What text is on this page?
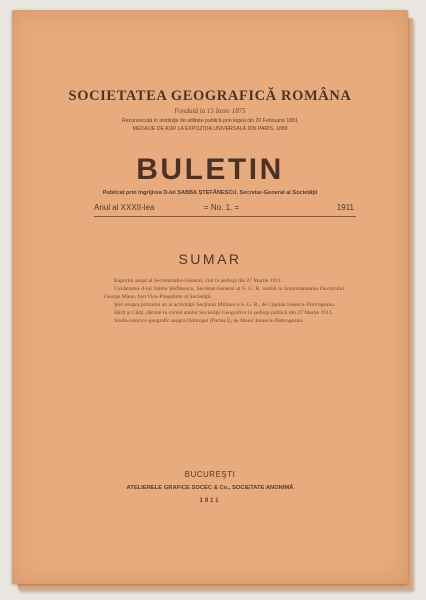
SOCIETATEA GEOGRAFICĂ ROMÂNA
Fondată la 15 Iunie 1875
Recunoscută în instituţie de utilitate publică prin legea din 20 Februarie 1881
MEDALIE DE AUR LA EXPOZIŢIA UNIVERSALĂ DIN PARIS, 1889
BULETIN
Publicat prin îngrijirea D-lui SABBA ŞTEFĂNESCU, Secretar-General al Societăţii
Anul al XXXII-lea	= No. 1. =	1911
SUMAR
Raportul anual al Secretariului-General, citit în şedinţa din 27 Martie 1911.
Cuvântarea d-lui Sabba Ştefănescu, Secretar-General al S. G. R. rostită la înmormântarea Doctorului George Manu, fost Vice-Preşedinte al Societăţii.
Ştiri asupra primului an al activităţii Secţiunii Militare a S. G. R., de Căpitan Ionescu-Dobrogeanu.
Hărţi şi Cărţi, dăruite în cursul anului Societăţii Geografice în şedinţa publică din 27 Martie 1911.
Studiu istorico-geografic asupra Dobrogei (Partea I), de Maior Ionescu-Dobrogeanu.
BUCUREŞTI
ATELIERELE GRAFICE SOCEC & Co., SOCIETATE ANONIMĂ
1911
